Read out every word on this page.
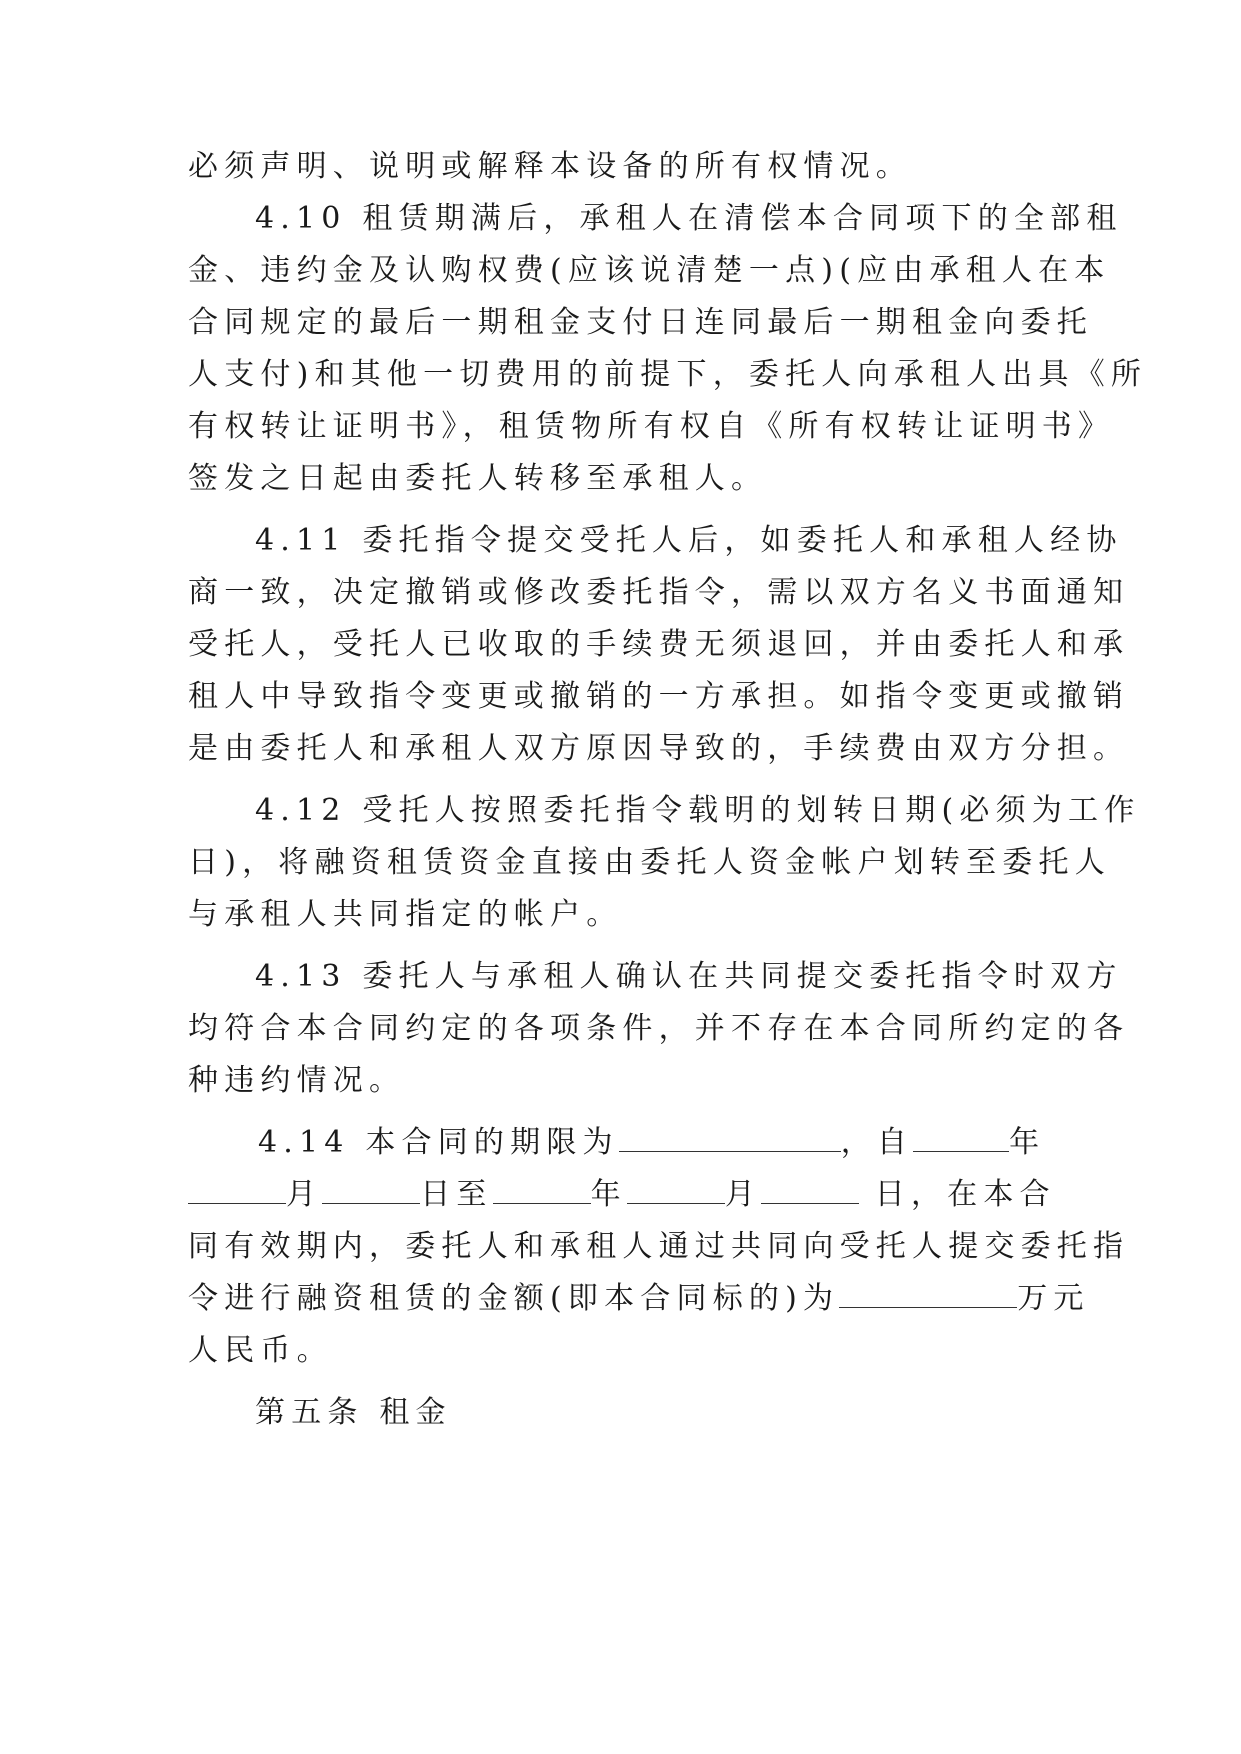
必须声明、说明或解释本设备的所有权情况。

4.10 租赁期满后，承租人在清偿本合同项下的全部租

金、违约金及认购权费(应该说清楚一点)(应由承租人在本

合同规定的最后一期租金支付日连同最后一期租金向委托

人支付)和其他一切费用的前提下，委托人向承租人出具《所

有权转让证明书》，租赁物所有权自《所有权转让证明书》

签发之日起由委托人转移至承租人。

4.11 委托指令提交受托人后，如委托人和承租人经协

商一致，决定撤销或修改委托指令，需以双方名义书面通知

受托人，受托人已收取的手续费无须退回，并由委托人和承

租人中导致指令变更或撤销的一方承担。如指令变更或撤销

是由委托人和承租人双方原因导致的，手续费由双方分担。

4.12 受托人按照委托指令载明的划转日期(必须为工作

日)，将融资租赁资金直接由委托人资金帐户划转至委托人

与承租人共同指定的帐户。

4.13 委托人与承租人确认在共同提交委托指令时双方

均符合本合同约定的各项条件，并不存在本合同所约定的各

种违约情况。

4.14 本合同的期限为	，自	年

月	日至	年	月	日，在本合

同有效期内，委托人和承租人通过共同向受托人提交委托指

令进行融资租赁的金额(即本合同标的)为	万元

人民币。

第五条 租金
